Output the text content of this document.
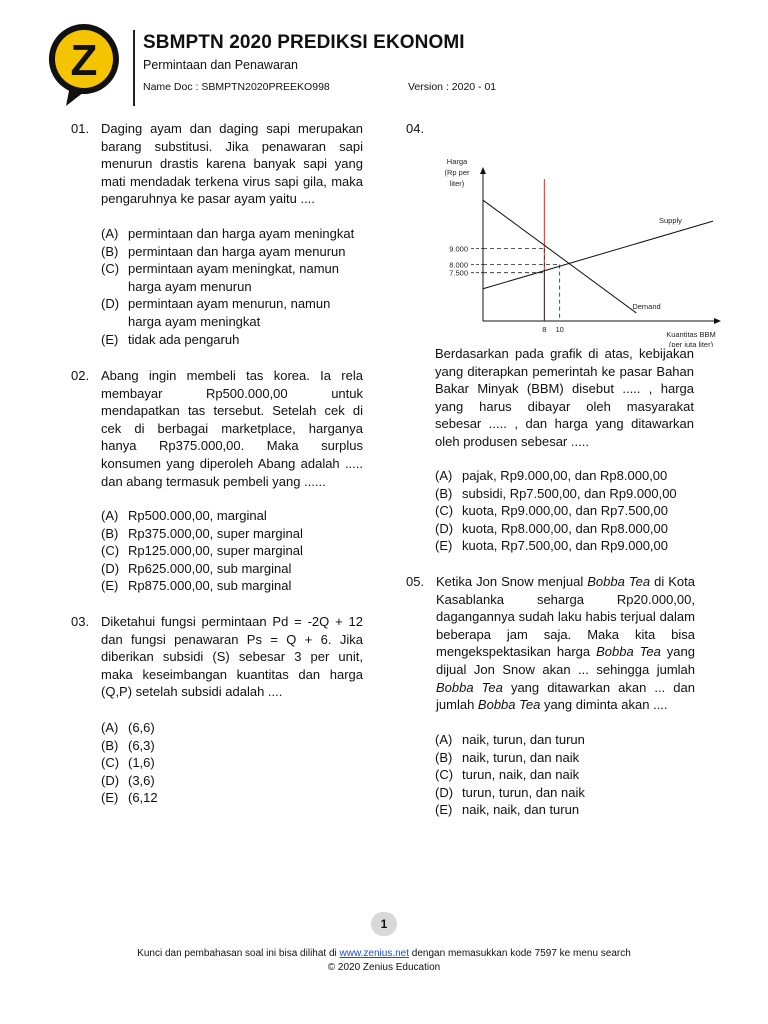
Z SBMPTN 2020 PREDIKSI EKONOMI
Permintaan dan Penawaran
Name Doc : SBMPTN2020PREEKO998	Version : 2020 - 01
01. Daging ayam dan daging sapi merupakan barang substitusi. Jika penawaran sapi menurun drastis karena banyak sapi yang mati mendadak terkena virus sapi gila, maka pengaruhnya ke pasar ayam yaitu ....
(A) permintaan dan harga ayam meningkat
(B) permintaan dan harga ayam menurun
(C) permintaan ayam meningkat, namun harga ayam menurun
(D) permintaan ayam menurun, namun harga ayam meningkat
(E) tidak ada pengaruh
02. Abang ingin membeli tas korea. Ia rela membayar Rp500.000,00 untuk mendapatkan tas tersebut. Setelah cek di cek di berbagai marketplace, harganya hanya Rp375.000,00. Maka surplus konsumen yang diperoleh Abang adalah ..... dan abang termasuk pembeli yang ......
(A) Rp500.000,00, marginal
(B) Rp375.000,00, super marginal
(C) Rp125.000,00, super marginal
(D) Rp625.000,00, sub marginal
(E) Rp875.000,00, sub marginal
03. Diketahui fungsi permintaan Pd = -2Q + 12 dan fungsi penawaran Ps = Q + 6. Jika diberikan subsidi (S) sebesar 3 per unit, maka keseimbangan kuantitas dan harga (Q,P) setelah subsidi adalah ....
(A) (6,6)
(B) (6,3)
(C) (1,6)
(D) (3,6)
(E) (6,12
04.
Harga
(Rp per
liter)
Kuantitas BBM
(per juta liter)
Supply
Demand
9.000
8.000
7.500
8 10
Berdasarkan pada grafik di atas, kebijakan yang diterapkan pemerintah ke pasar Bahan Bakar Minyak (BBM) disebut ..... , harga yang harus dibayar oleh masyarakat sebesar ..... , dan harga yang ditawarkan oleh produsen sebesar .....
(A) pajak, Rp9.000,00, dan Rp8.000,00
(B) subsidi, Rp7.500,00, dan Rp9.000,00
(C) kuota, Rp9.000,00, dan Rp7.500,00
(D) kuota, Rp8.000,00, dan Rp8.000,00
(E) kuota, Rp7.500,00, dan Rp9.000,00
05. Ketika Jon Snow menjual Bobba Tea di Kota Kasablanka seharga Rp20.000,00, dagangannya sudah laku habis terjual dalam beberapa jam saja. Maka kita bisa mengekspektasikan harga Bobba Tea yang dijual Jon Snow akan ... sehingga jumlah Bobba Tea yang ditawarkan akan ... dan jumlah Bobba Tea yang diminta akan ....
(A) naik, turun, dan turun
(B) naik, turun, dan naik
(C) turun, naik, dan naik
(D) turun, turun, dan naik
(E) naik, naik, dan turun
1
Kunci dan pembahasan soal ini bisa dilihat di www.zenius.net dengan memasukkan kode 7597 ke menu search
© 2020 Zenius Education
